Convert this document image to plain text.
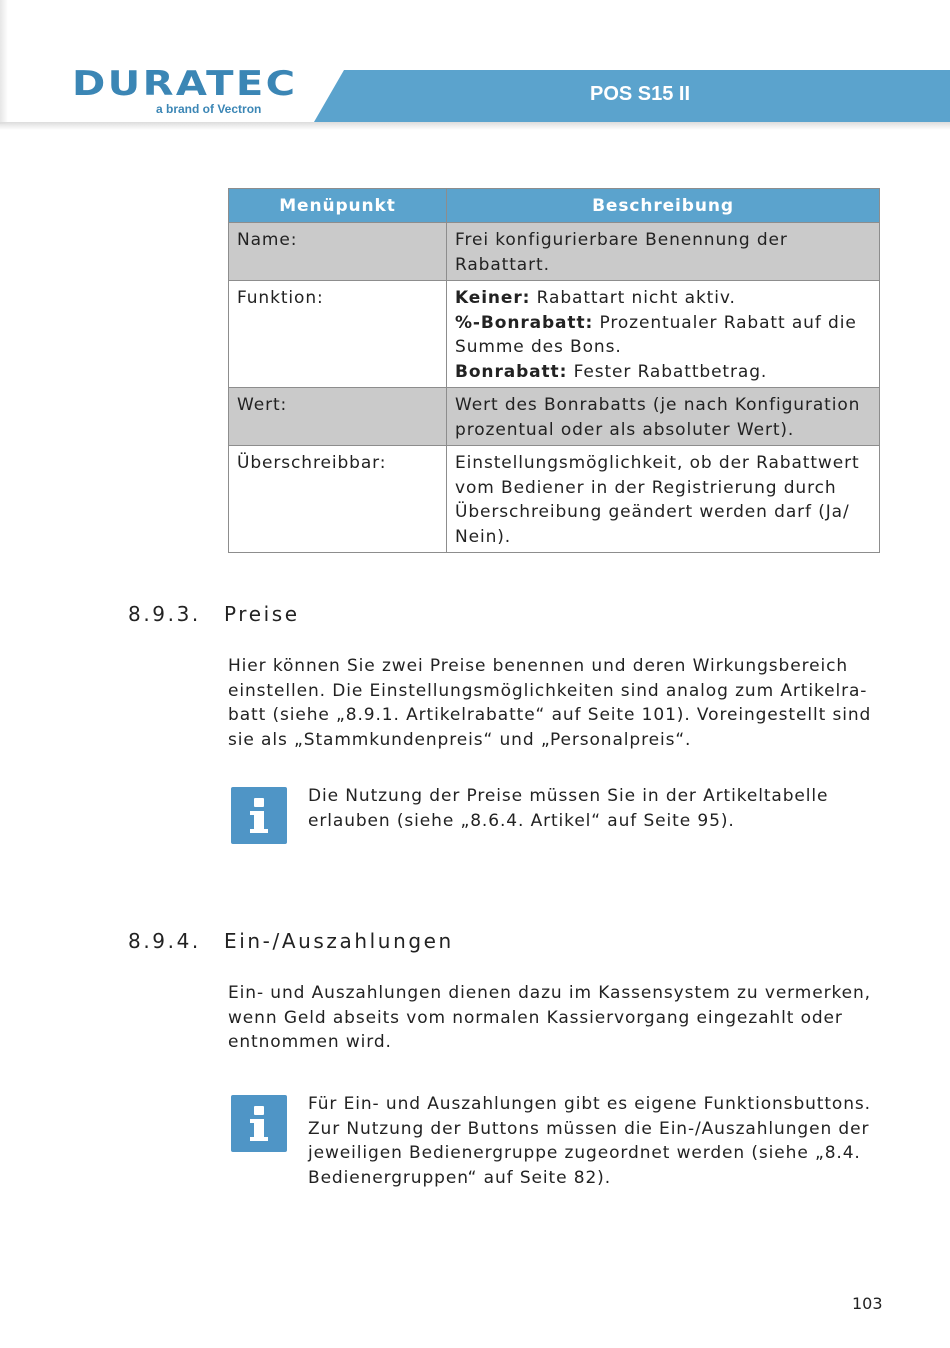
DURATEC
a brand of Vectron
POS S15 II
Menüpunkt	Beschreibung
Name:	Frei konfigurierbare Benennung der Rabattart.
Funktion:	Keiner: Rabattart nicht aktiv.
%-Bonrabatt: Prozentualer Rabatt auf die Summe des Bons.
Bonrabatt: Fester Rabattbetrag.

Wert:	Wert des Bonrabatts (je nach Konfiguration prozentual oder als absoluter Wert).
Überschreibbar:	Einstellungsmöglichkeit, ob der Rabattwert vom Bediener in der Registrierung durch Überschreibung geändert werden darf (Ja/ Nein).
8.9.3. Preise
Hier können Sie zwei Preise benennen und deren Wirkungsbereich einstellen. Die Einstellungsmöglichkeiten sind analog zum Artikelrabatt (siehe „8.9.1. Artikelrabatte“ auf Seite 101). Voreingestellt sind sie als „Stammkundenpreis“ und „Personalpreis“.
Die Nutzung der Preise müssen Sie in der Artikeltabelle erlauben (siehe „8.6.4. Artikel“ auf Seite 95).
8.9.4. Ein-/Auszahlungen
Ein- und Auszahlungen dienen dazu im Kassensystem zu vermerken, wenn Geld abseits vom normalen Kassiervorgang eingezahlt oder entnommen wird.
Für Ein- und Auszahlungen gibt es eigene Funktionsbuttons. Zur Nutzung der Buttons müssen die Ein-/Auszahlungen der jeweiligen Bedienergruppe zugeordnet werden (siehe „8.4. Bedienergruppen“ auf Seite 82).
103
